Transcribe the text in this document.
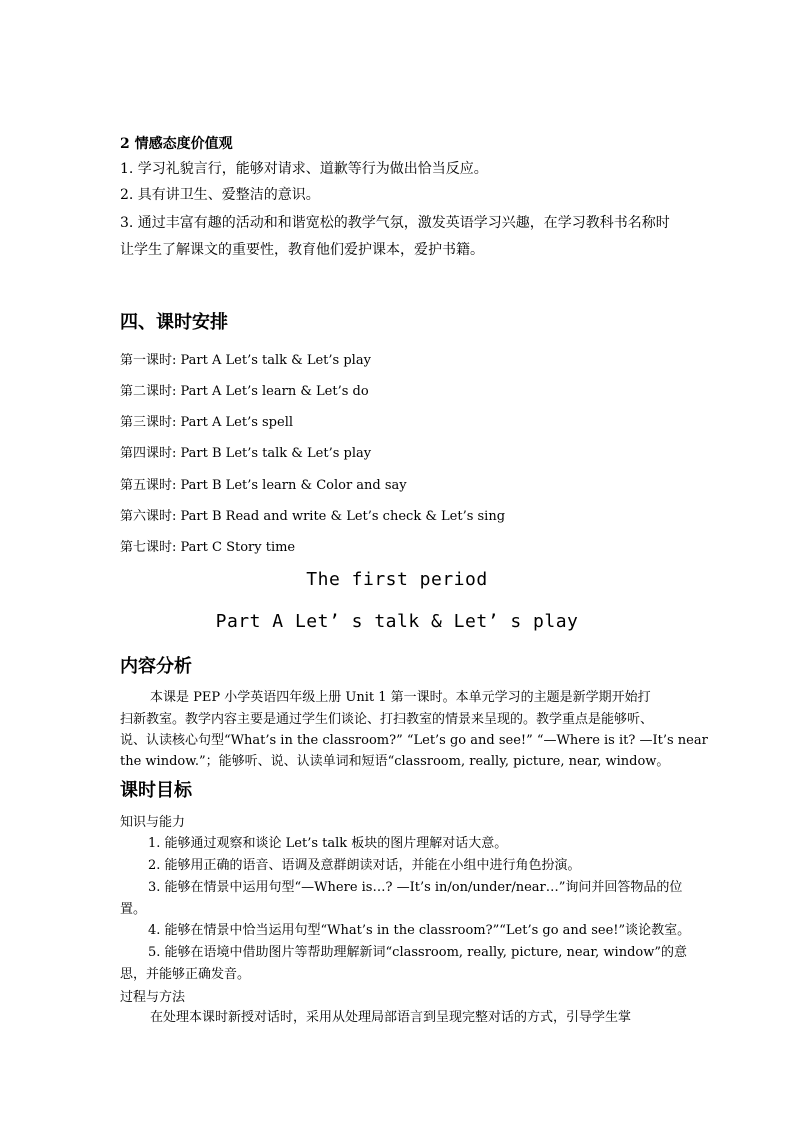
2 情感态度价值观
1. 学习礼貌言行，能够对请求、道歉等行为做出恰当反应。
2. 具有讲卫生、爱整洁的意识。
3. 通过丰富有趣的活动和和谐宽松的教学气氛，激发英语学习兴趣，在学习教科书名称时
让学生了解课文的重要性，教育他们爱护课本，爱护书籍。
四、课时安排
第一课时: Part A Let’s talk & Let’s play
第二课时: Part A Let’s learn & Let’s do
第三课时: Part A Let’s spell
第四课时: Part B Let’s talk & Let’s play
第五课时: Part B Let’s learn & Color and say
第六课时: Part B Read and write & Let’s check & Let’s sing
第七课时: Part C Story time
The first period
Part A Let’ s talk & Let’ s play
内容分析
本课是 PEP 小学英语四年级上册 Unit 1 第一课时。本单元学习的主题是新学期开始打
扫新教室。教学内容主要是通过学生们谈论、打扫教室的情景来呈现的。教学重点是能够听、
说、认读核心句型“What’s in the classroom?” “Let’s go and see!” “—Where is it? —It’s near
the window.”；能够听、说、认读单词和短语“classroom, really, picture, near, window。
课时目标
知识与能力
1. 能够通过观察和谈论 Let’s talk 板块的图片理解对话大意。
2. 能够用正确的语音、语调及意群朗读对话，并能在小组中进行角色扮演。
3. 能够在情景中运用句型“—Where is…? —It’s in/on/under/near…”询问并回答物品的位
置。
4. 能够在情景中恰当运用句型“What’s in the classroom?”“Let’s go and see!”谈论教室。
5. 能够在语境中借助图片等帮助理解新词“classroom, really, picture, near, window”的意
思，并能够正确发音。
过程与方法
在处理本课时新授对话时，采用从处理局部语言到呈现完整对话的方式，引导学生掌
